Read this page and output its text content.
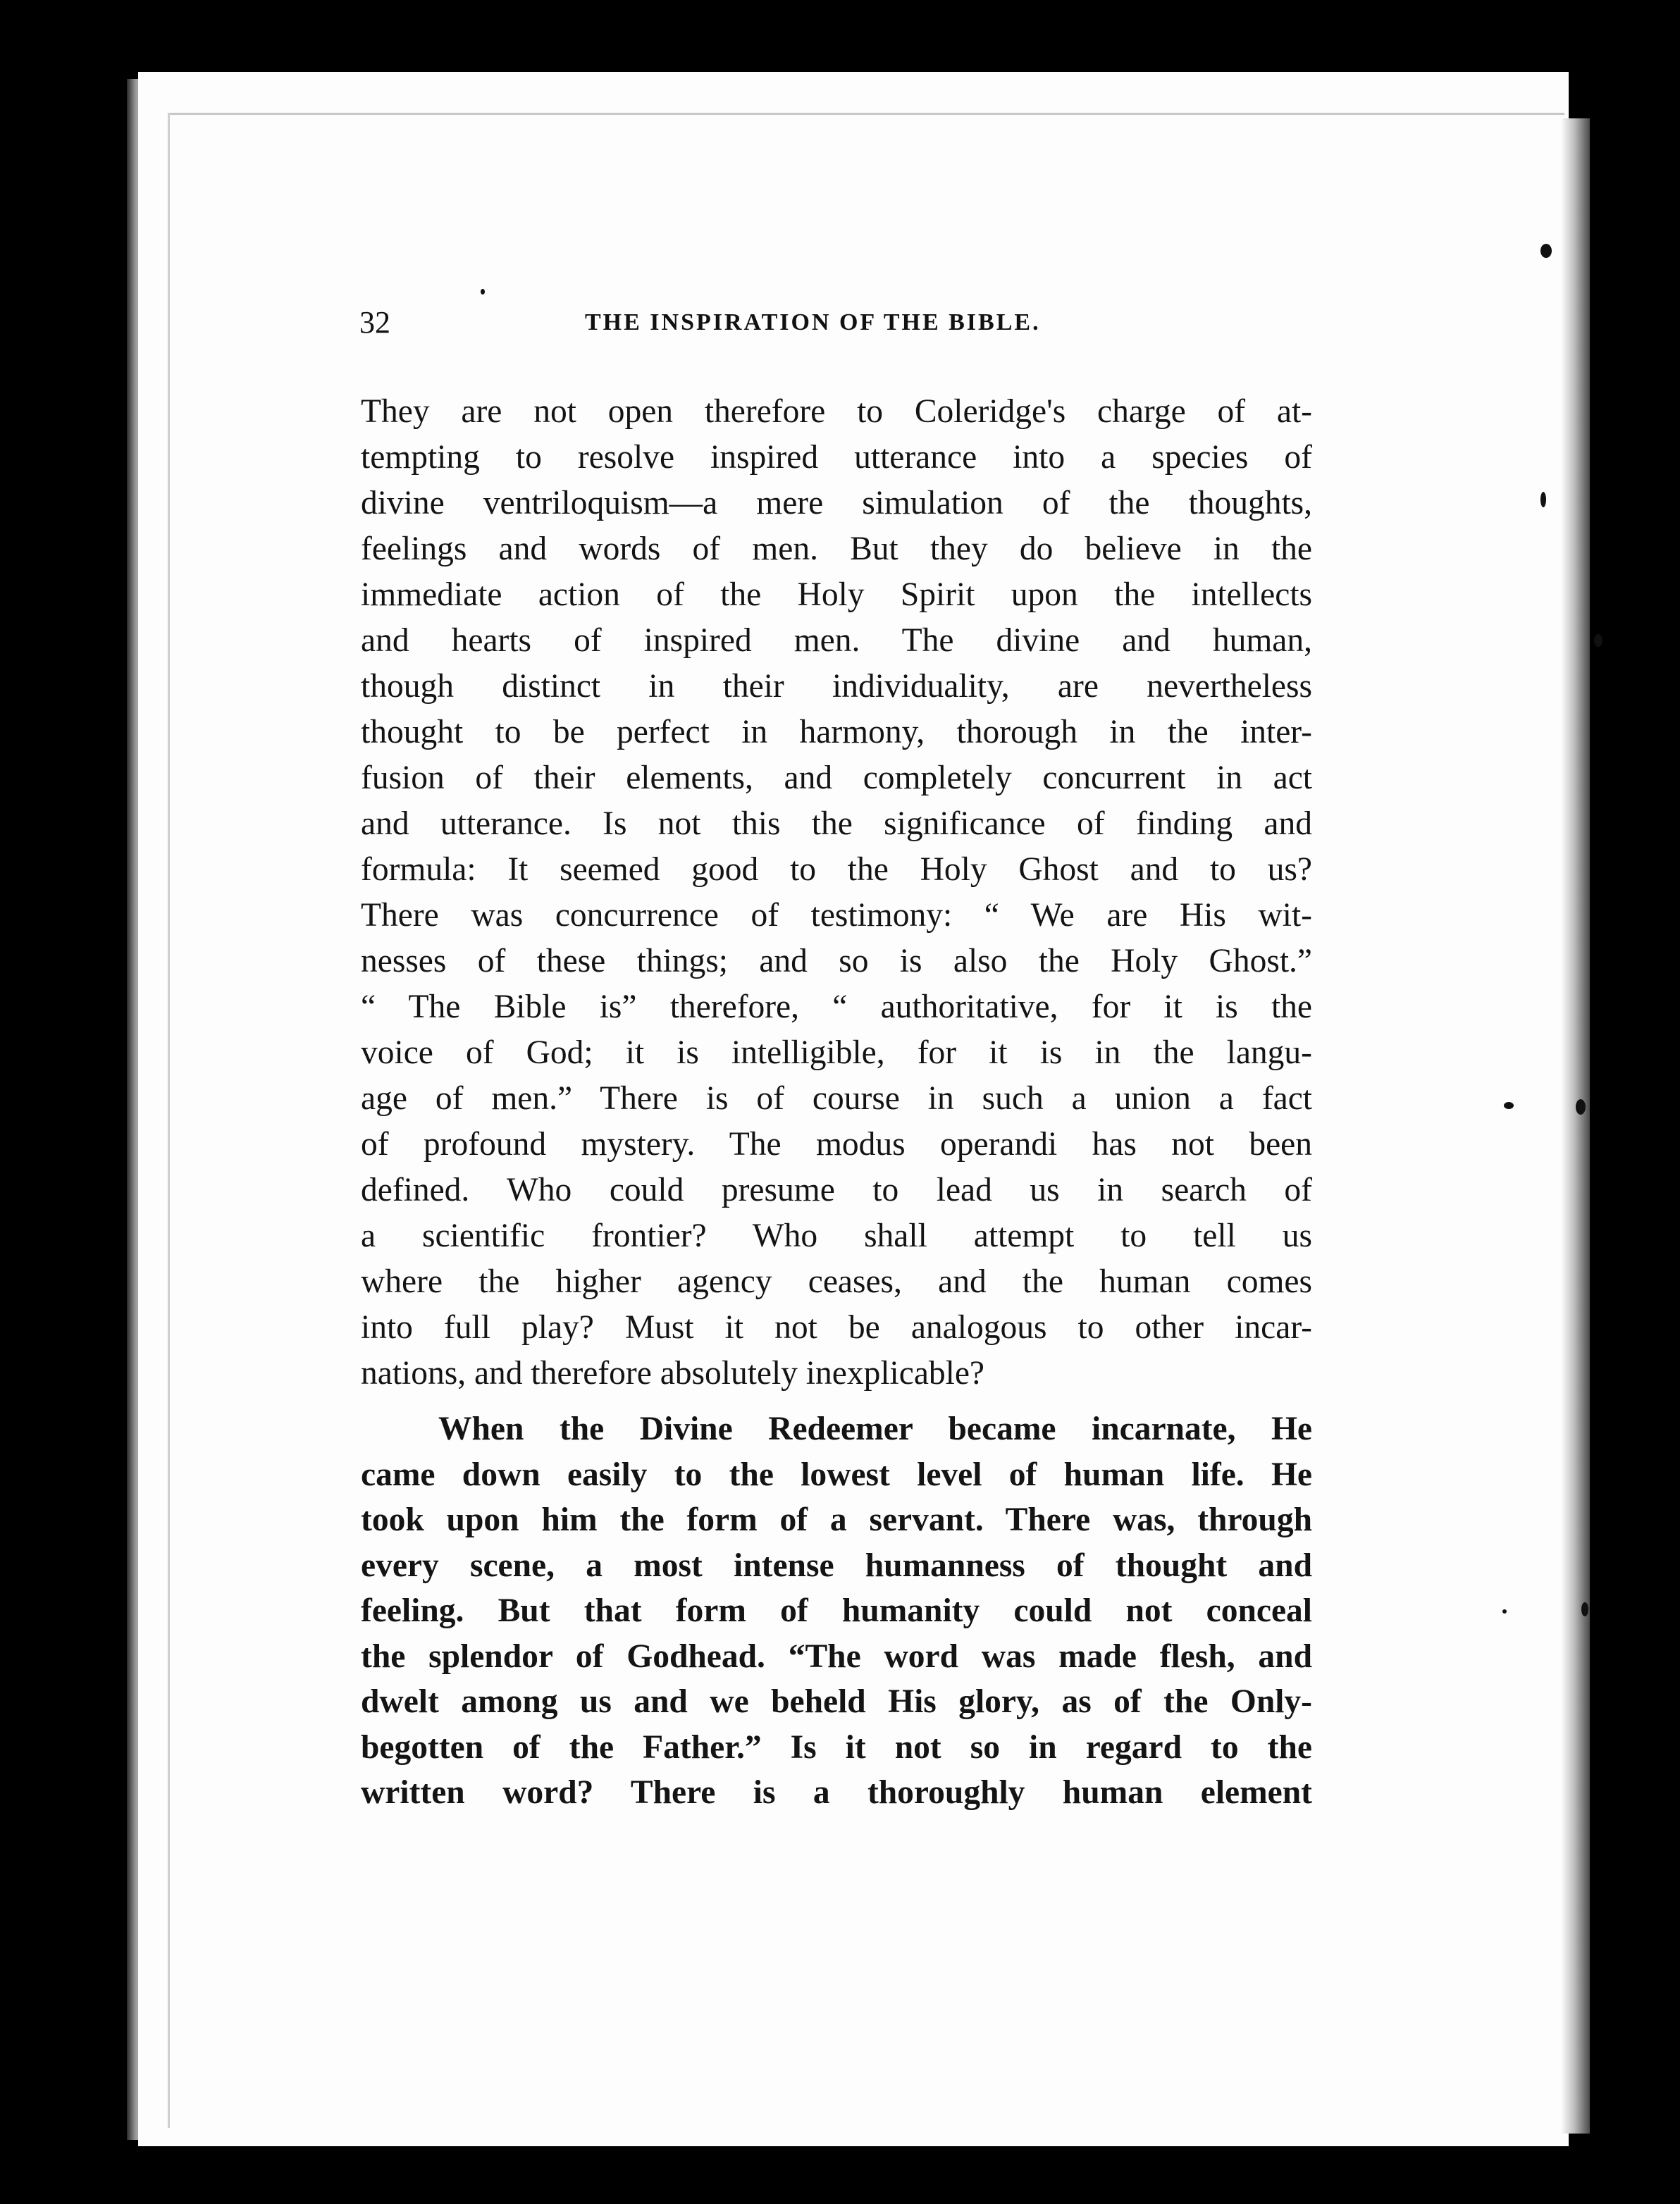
32	THE INSPIRATION OF THE BIBLE.
They are not open therefore to Coleridge's charge of at-
tempting to resolve inspired utterance into a species of
divine ventriloquism—a mere simulation of the thoughts,
feelings and words of men. But they do believe in the
immediate action of the Holy Spirit upon the intellects
and hearts of inspired men. The divine and human,
though distinct in their individuality, are nevertheless
thought to be perfect in harmony, thorough in the inter-
fusion of their elements, and completely concurrent in act
and utterance. Is not this the significance of finding and
formula: It seemed good to the Holy Ghost and to us?
There was concurrence of testimony: “ We are His wit-
nesses of these things; and so is also the Holy Ghost.”
“ The Bible is” therefore, “ authoritative, for it is the
voice of God; it is intelligible, for it is in the langu-
age of men.” There is of course in such a union a fact
of profound mystery. The modus operandi has not been
defined. Who could presume to lead us in search of
a scientific frontier? Who shall attempt to tell us
where the higher agency ceases, and the human comes
into full play? Must it not be analogous to other incar-
nations, and therefore absolutely inexplicable?
When the Divine Redeemer became incarnate, He
came down easily to the lowest level of human life. He
took upon him the form of a servant. There was, through
every scene, a most intense humanness of thought and
feeling. But that form of humanity could not conceal
the splendor of Godhead. “The word was made flesh, and
dwelt among us and we beheld His glory, as of the Only-
begotten of the Father.” Is it not so in regard to the
written word? There is a thoroughly human element
